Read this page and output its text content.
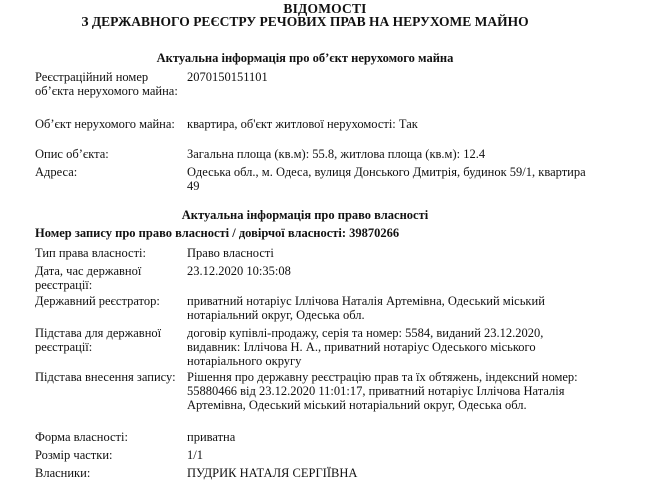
ВІДОМОСТІ
З ДЕРЖАВНОГО РЕЄСТРУ РЕЧОВИХ ПРАВ НА НЕРУХОМЕ МАЙНО
Актуальна інформація про об’єкт нерухомого майна
Реєстраційний номер об’єкта нерухомого майна:
2070150151101
Об’єкт нерухомого майна: квартира, об'єкт житлової нерухомості: Так
Опис об’єкта:	Загальна площа (кв.м): 55.8, житлова площа (кв.м): 12.4
Адреса:	Одеська обл., м. Одеса, вулиця Донського Дмитрія, будинок 59/1, квартира 49
Актуальна інформація про право власності
Номер запису про право власності / довірчої власності: 39870266
Тип права власності:	Право власності
Дата, час державної реєстрації:
23.12.2020 10:35:08
Державний реєстратор:	приватний нотаріус Іллічова Наталія Артемівна, Одеський міський нотаріальний округ, Одеська обл.
Підстава для державної реєстрації:
договір купівлі-продажу, серія та номер: 5584, виданий 23.12.2020, видавник: Іллічова Н. А., приватний нотаріус Одеського міського нотаріального округу
Підстава внесення запису: Рішення про державну реєстрацію прав та їх обтяжень, індексний номер: 55880466 від 23.12.2020 11:01:17, приватний нотаріус Іллічова Наталія Артемівна, Одеський міський нотаріальний округ, Одеська обл.
Форма власності:	приватна
Розмір частки:	1/1
Власники:	ПУДРИК НАТАЛЯ СЕРГІЇВНА
